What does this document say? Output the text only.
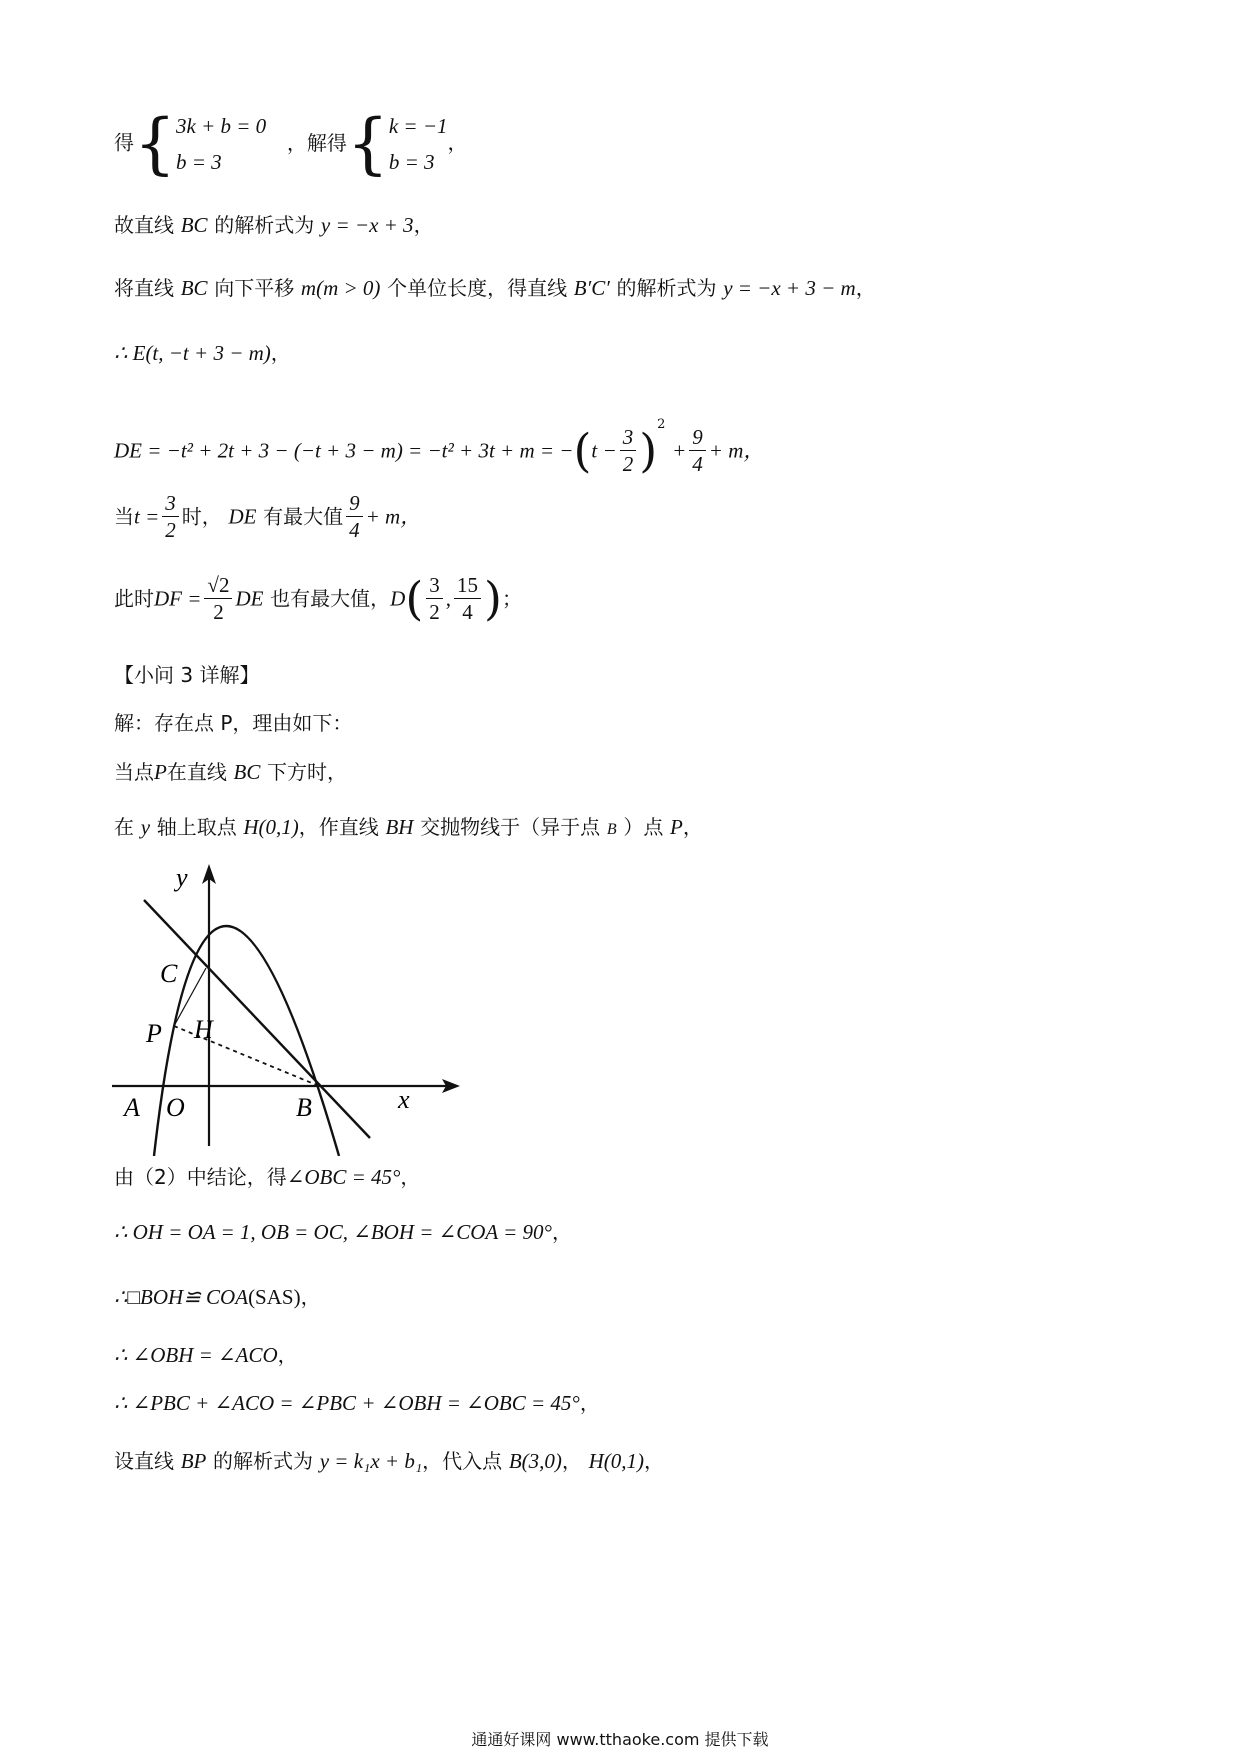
得{ 3k + b = 0
b = 3
，解得{ k = −1
b = 3
，
故直线 BC 的解析式为 y = −x + 3，
将直线 BC 向下平移 m(m > 0) 个单位长度，得直线 B′C′ 的解析式为 y = −x + 3 − m，
∴ E(t, −t + 3 − m)，
DE = $-t^2 + 2t + 3 - (-t + 3 - m) = -t^2 + 3t + m = -(t - \frac{3}{2} )^2 + \frac{9}{4} + m$，
当$t = \frac{3}{2}$ 时， DE 有最大值 $\frac{9}{4} + m$，
此时DF = $\frac{√2}{2}$ DE 也有最大值，$D( \frac{3}{2}$ , $\frac{15}{4}$ )；
【小问 3 详解】
解：存在点 P，理由如下：
当点P在直线 BC 下方时，
在 y 轴上取点 H(0,1)，作直线 BH 交抛物线于（异于点 B ）点 P，
y
x
C
P H
A O	B
由（2）中结论，得∠OBC = 45°，
∴ OH = OA = 1, OB = OC, ∠BOH = ∠COA = 90°，
∴□BOH≌ COA(SAS)，
∴ ∠OBH = ∠ACO，
∴ ∠PBC + ∠ACO = ∠PBC + ∠OBH = ∠OBC = 45°，
设直线 BP 的解析式为 y = k₁x + b₁，代入点 B(3,0)， H(0,1)，
通通好课网 www.tthaoke.com 提供下载
